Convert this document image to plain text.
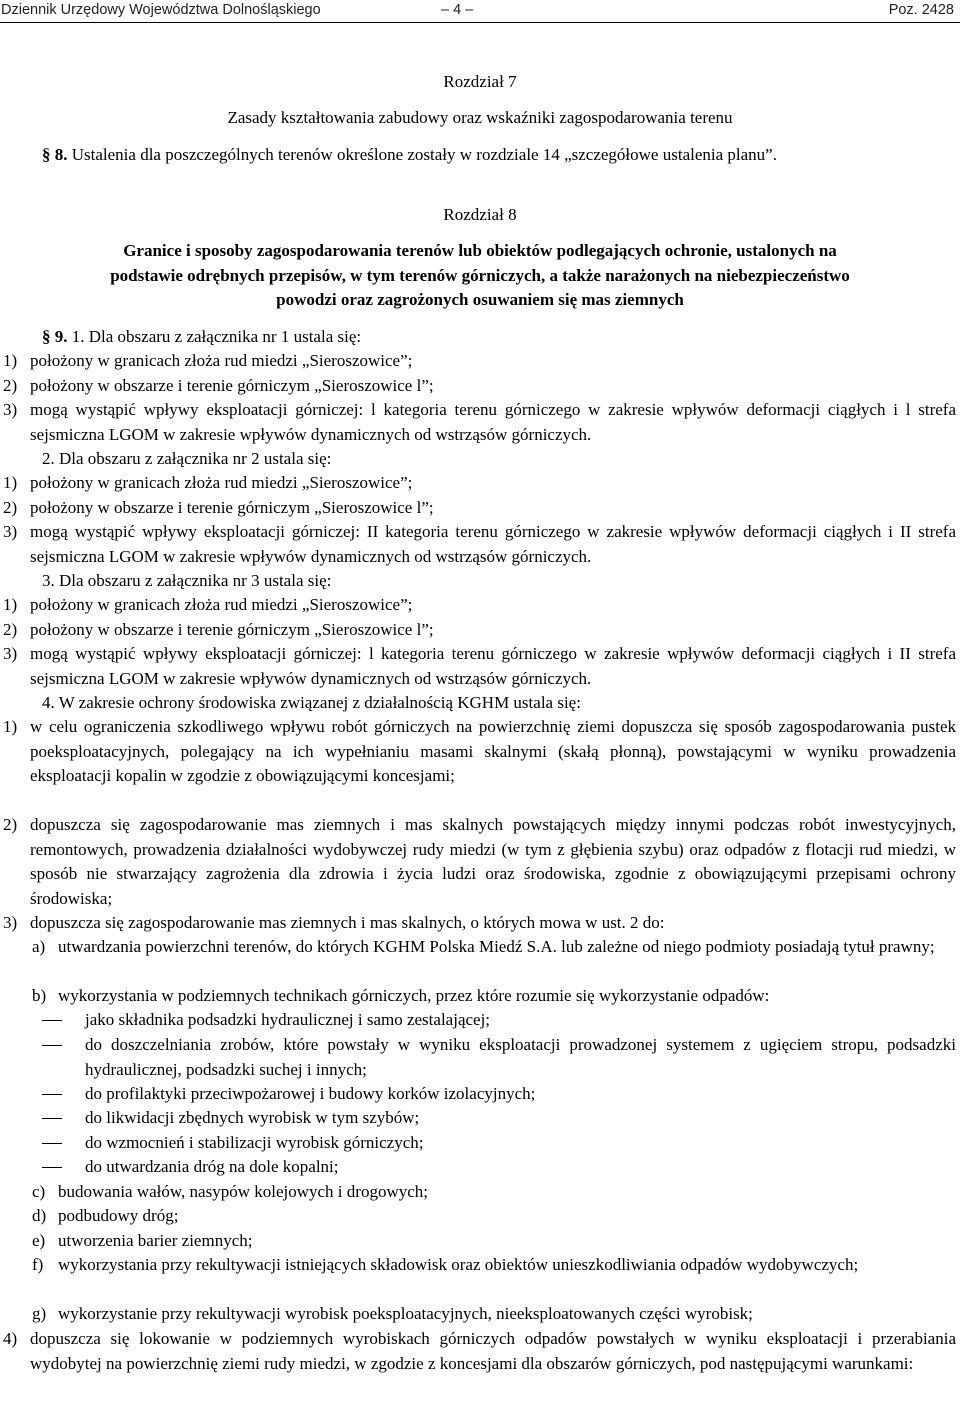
Dziennik Urzędowy Województwa Dolnośląskiego	– 4 –	Poz. 2428
Rozdział 7
Zasady kształtowania zabudowy oraz wskaźniki zagospodarowania terenu
§ 8. Ustalenia dla poszczególnych terenów określone zostały w rozdziale 14 „szczegółowe ustalenia planu”.
Rozdział 8
Granice i sposoby zagospodarowania terenów lub obiektów podlegających ochronie, ustalonych na
podstawie odrębnych przepisów, w tym terenów górniczych, a także narażonych na niebezpieczeństwo
powodzi oraz zagrożonych osuwaniem się mas ziemnych
§ 9. 1. Dla obszaru z załącznika nr 1 ustala się:
1) położony w granicach złoża rud miedzi „Sieroszowice”;
2) położony w obszarze i terenie górniczym „Sieroszowice l”;
3) mogą wystąpić wpływy eksploatacji górniczej: l kategoria terenu górniczego w zakresie wpływów deformacji ciągłych i l strefa sejsmiczna LGOM w zakresie wpływów dynamicznych od wstrząsów górniczych.
2. Dla obszaru z załącznika nr 2 ustala się:
1) położony w granicach złoża rud miedzi „Sieroszowice”;
2) położony w obszarze i terenie górniczym „Sieroszowice l”;
3) mogą wystąpić wpływy eksploatacji górniczej: II kategoria terenu górniczego w zakresie wpływów deformacji ciągłych i II strefa sejsmiczna LGOM w zakresie wpływów dynamicznych od wstrząsów górniczych.
3. Dla obszaru z załącznika nr 3 ustala się:
1) położony w granicach złoża rud miedzi „Sieroszowice”;
2) położony w obszarze i terenie górniczym „Sieroszowice l”;
3) mogą wystąpić wpływy eksploatacji górniczej: l kategoria terenu górniczego w zakresie wpływów deformacji ciągłych i II strefa sejsmiczna LGOM w zakresie wpływów dynamicznych od wstrząsów górniczych.
4. W zakresie ochrony środowiska związanej z działalnością KGHM ustala się:
1) w celu ograniczenia szkodliwego wpływu robót górniczych na powierzchnię ziemi dopuszcza się sposób zagospodarowania pustek poeksploatacyjnych, polegający na ich wypełnianiu masami skalnymi (skałą płonną), powstającymi w wyniku prowadzenia eksploatacji kopalin w zgodzie z obowiązującymi koncesjami;
2) dopuszcza się zagospodarowanie mas ziemnych i mas skalnych powstających między innymi podczas robót inwestycyjnych, remontowych, prowadzenia działalności wydobywczej rudy miedzi (w tym z głębienia szybu) oraz odpadów z flotacji rud miedzi, w sposób nie stwarzający zagrożenia dla zdrowia i życia ludzi oraz środowiska, zgodnie z obowiązującymi przepisami ochrony środowiska;
3) dopuszcza się zagospodarowanie mas ziemnych i mas skalnych, o których mowa w ust. 2 do:
a) utwardzania powierzchni terenów, do których KGHM Polska Miedź S.A. lub zależne od niego podmioty posiadają tytuł prawny;
b) wykorzystania w podziemnych technikach górniczych, przez które rozumie się wykorzystanie odpadów:
jako składnika podsadzki hydraulicznej i samo zestalającej;
do doszczelniania zrobów, które powstały w wyniku eksploatacji prowadzonej systemem z ugięciem stropu, podsadzki hydraulicznej, podsadzki suchej i innych;
do profilaktyki przeciwpożarowej i budowy korków izolacyjnych;
do likwidacji zbędnych wyrobisk w tym szybów;
do wzmocnień i stabilizacji wyrobisk górniczych;
do utwardzania dróg na dole kopalni;
c) budowania wałów, nasypów kolejowych i drogowych;
d) podbudowy dróg;
e) utworzenia barier ziemnych;
f) wykorzystania przy rekultywacji istniejących składowisk oraz obiektów unieszkodliwiania odpadów wydobywczych;
g) wykorzystanie przy rekultywacji wyrobisk poeksploatacyjnych, nieeksploatowanych części wyrobisk;
4) dopuszcza się lokowanie w podziemnych wyrobiskach górniczych odpadów powstałych w wyniku eksploatacji i przerabiania wydobytej na powierzchnię ziemi rudy miedzi, w zgodzie z koncesjami dla obszarów górniczych, pod następującymi warunkami:
